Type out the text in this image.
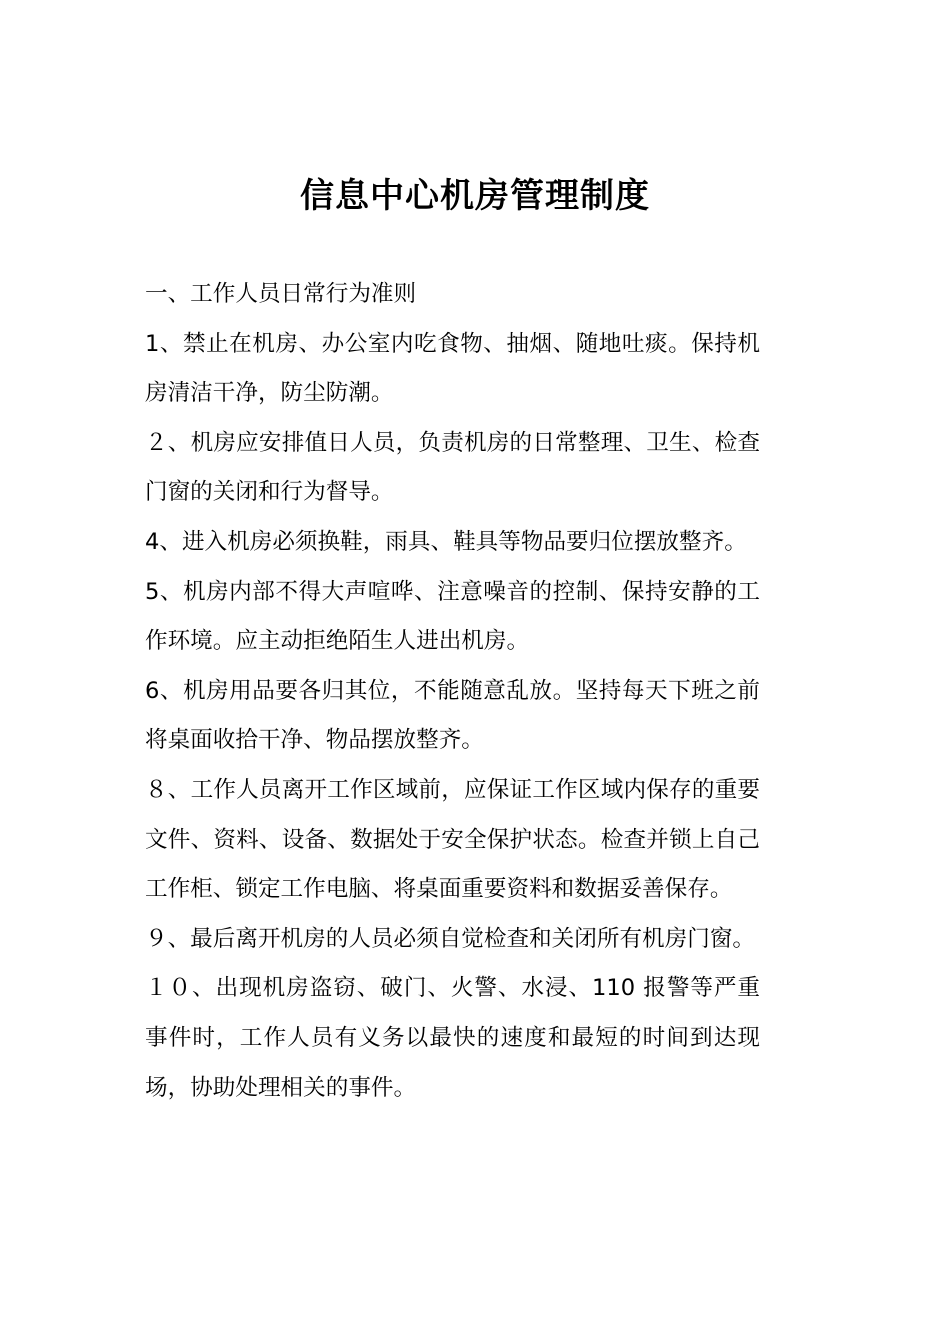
信息中心机房管理制度

一、工作人员日常行为准则

1、禁止在机房、办公室内吃食物、抽烟、随地吐痰。保持机房清洁干净，防尘防潮。

２、机房应安排值日人员，负责机房的日常整理、卫生、检查门窗的关闭和行为督导。

4、进入机房必须换鞋，雨具、鞋具等物品要归位摆放整齐。

5、机房内部不得大声喧哗、注意噪音的控制、保持安静的工作环境。应主动拒绝陌生人进出机房。

6、机房用品要各归其位，不能随意乱放。坚持每天下班之前将桌面收拾干净、物品摆放整齐。

８、工作人员离开工作区域前，应保证工作区域内保存的重要文件、资料、设备、数据处于安全保护状态。检查并锁上自己工作柜、锁定工作电脑、将桌面重要资料和数据妥善保存。

９、最后离开机房的人员必须自觉检查和关闭所有机房门窗。

１０、出现机房盗窃、破门、火警、水浸、110 报警等严重事件时，工作人员有义务以最快的速度和最短的时间到达现场，协助处理相关的事件。
